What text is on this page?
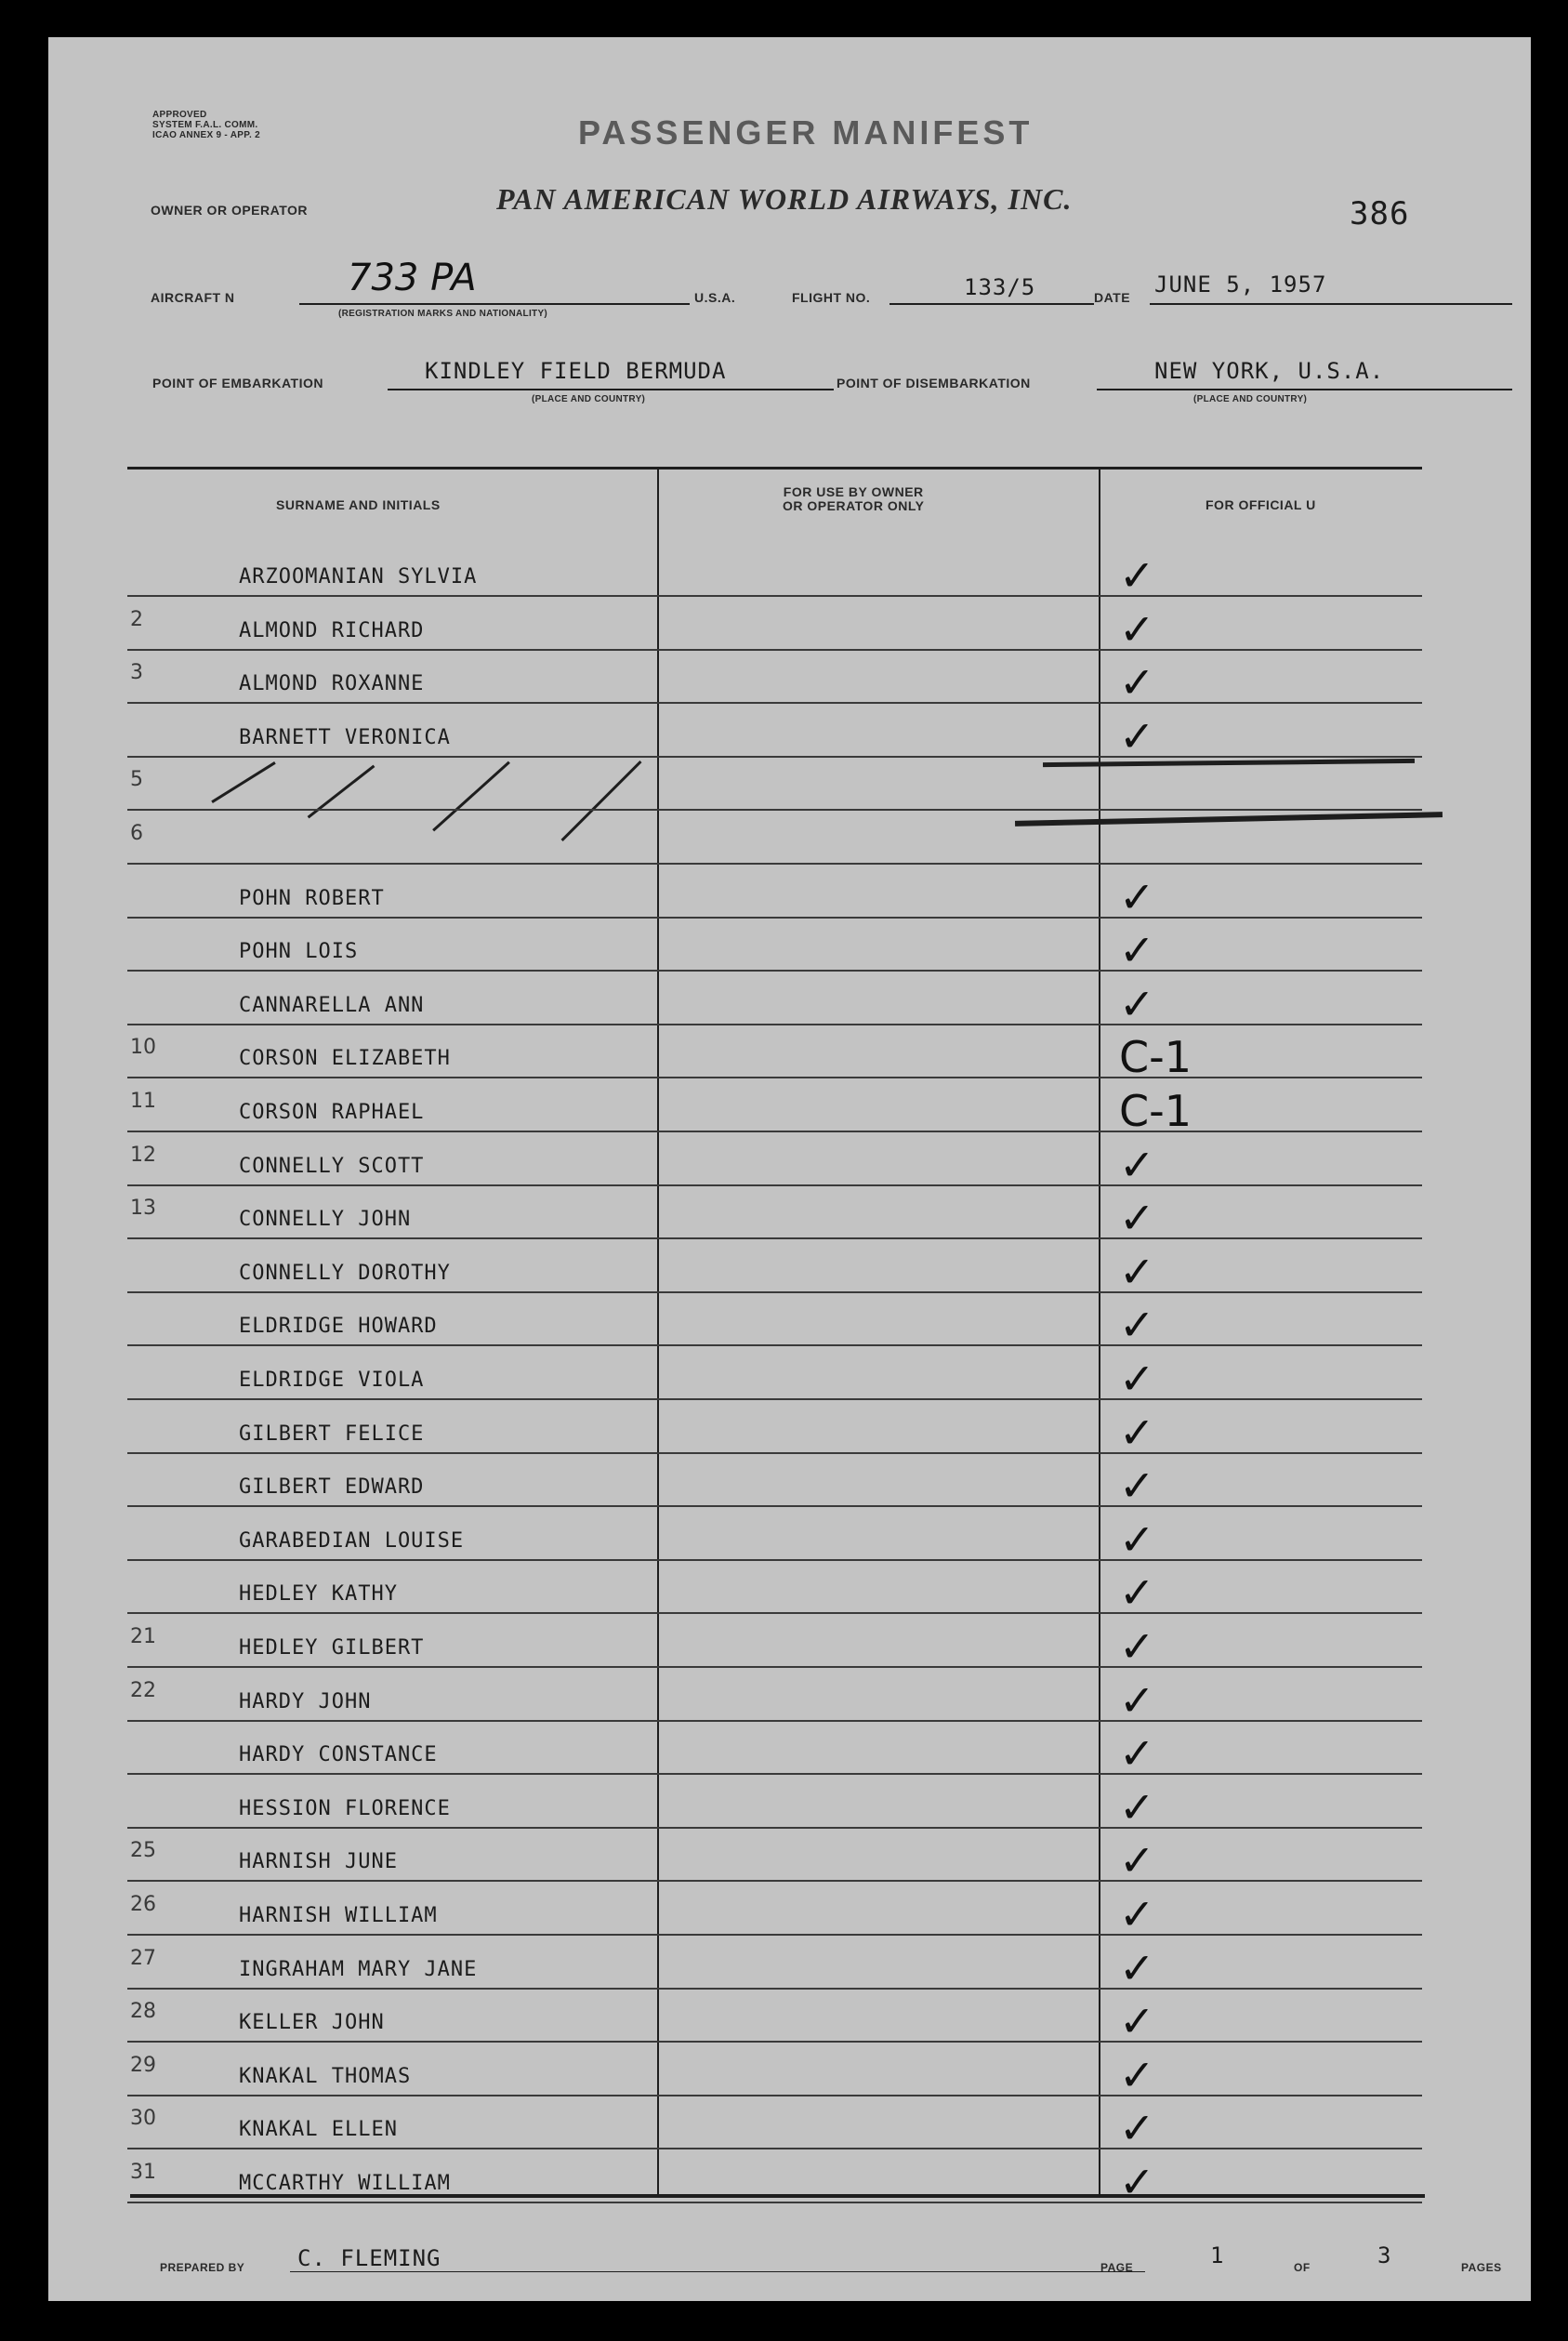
APPROVED
SYSTEM F.A.L. COMM.
ICAO ANNEX 9 - APP. 2	PASSENGER MANIFEST
OWNER OR OPERATOR	PAN AMERICAN WORLD AIRWAYS, INC.	386
AIRCRAFT N	733 PA
(REGISTRATION MARKS AND NATIONALITY)
U.S.A.	FLIGHT NO.	133/5	DATE JUNE 5, 1957
POINT OF EMBARKATION	KINDLEY FIELD BERMUDA
(PLACE AND COUNTRY)
POINT OF DISEMBARKATION	NEW YORK, U.S.A.
(PLACE AND COUNTRY)
SURNAME AND INITIALS
FOR USE BY OWNER
OR OPERATOR ONLY	FOR OFFICIAL U
ARZOOMANIAN SYLVIA	✓
2	ALMOND RICHARD	✓
3	ALMOND ROXANNE	✓
BARNETT VERONICA	✓
5
6
POHN ROBERT	✓
POHN LOIS	✓
CANNARELLA ANN	✓
10	CORSON ELIZABETH	C-1
11	CORSON RAPHAEL	C-1
12	CONNELLY SCOTT	✓
13	CONNELLY JOHN	✓
CONNELLY DOROTHY	✓
ELDRIDGE HOWARD	✓
ELDRIDGE VIOLA	✓
GILBERT FELICE	✓
GILBERT EDWARD	✓
GARABEDIAN LOUISE	✓
HEDLEY KATHY	✓
21	HEDLEY GILBERT	✓
22	HARDY JOHN	✓
HARDY CONSTANCE	✓
HESSION FLORENCE	✓
25	HARNISH JUNE	✓
26	HARNISH WILLIAM	✓
27	INGRAHAM MARY JANE	✓
28	KELLER JOHN	✓
29	KNAKAL THOMAS	✓
30	KNAKAL ELLEN	✓
31	MCCARTHY WILLIAM	✓
PREPARED BY C. FLEMING	PAGE	1	OF	3	PAGES
